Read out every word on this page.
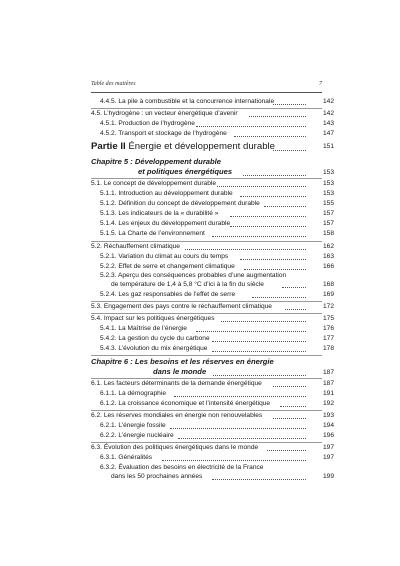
Table des matières	7
4.4.5. La pile à combustible et la concurrence internationale	142
4.5. L’hydrogène : un vecteur énergétique d’avenir	142
4.5.1. Production de l’hydrogène	143
4.5.2. Transport et stockage de l’hydrogène	147
Partie II Énergie et développement durable	151
Chapitre 5 : Développement durable
et politiques énergétiques	153
5.1. Le concept de développement durable	153
5.1.1. Introduction au développement durable	153
5.1.2. Définition du concept de développement durable	155
5.1.3. Les indicateurs de la « durabilité »	157
5.1.4. Les enjeux du développement durable	157
5.1.5. La Charte de l’environnement	158
5.2. Réchauffement climatique	162
5.2.1. Variation du climat au cours du temps	163
5.2.2. Effet de serre et changement climatique	166
5.2.3. Aperçu des conséquences probables d’une augmentation
de température de 1,4 à 5,8 °C d’ici à la fin du siècle	168
5.2.4. Les gaz responsables de l’effet de serre	169
5.3. Engagement des pays contre le réchauffement climatique	172
5.4. Impact sur les politiques énergétiques	175
5.4.1. La Maîtrise de l’énergie	176
5.4.2. La gestion du cycle du carbone	177
5.4.3. L’évolution du mix énergétique	178
Chapitre 6 : Les besoins et les réserves en énergie
dans le monde	187
6.1. Les facteurs déterminants de la demande énergétique	187
6.1.1. La démographie	191
6.1.2. La croissance économique et l’intensité énergétique	192
6.2. Les réserves mondiales en énergie non renouvelables	193
6.2.1. L’énergie fossile	194
6.2.2. L’énergie nucléaire	196
6.3. Évolution des politiques énergétiques dans le monde	197
6.3.1. Généralités	197
6.3.2. Évaluation des besoins en électricité de la France
dans les 50 prochaines années	199
